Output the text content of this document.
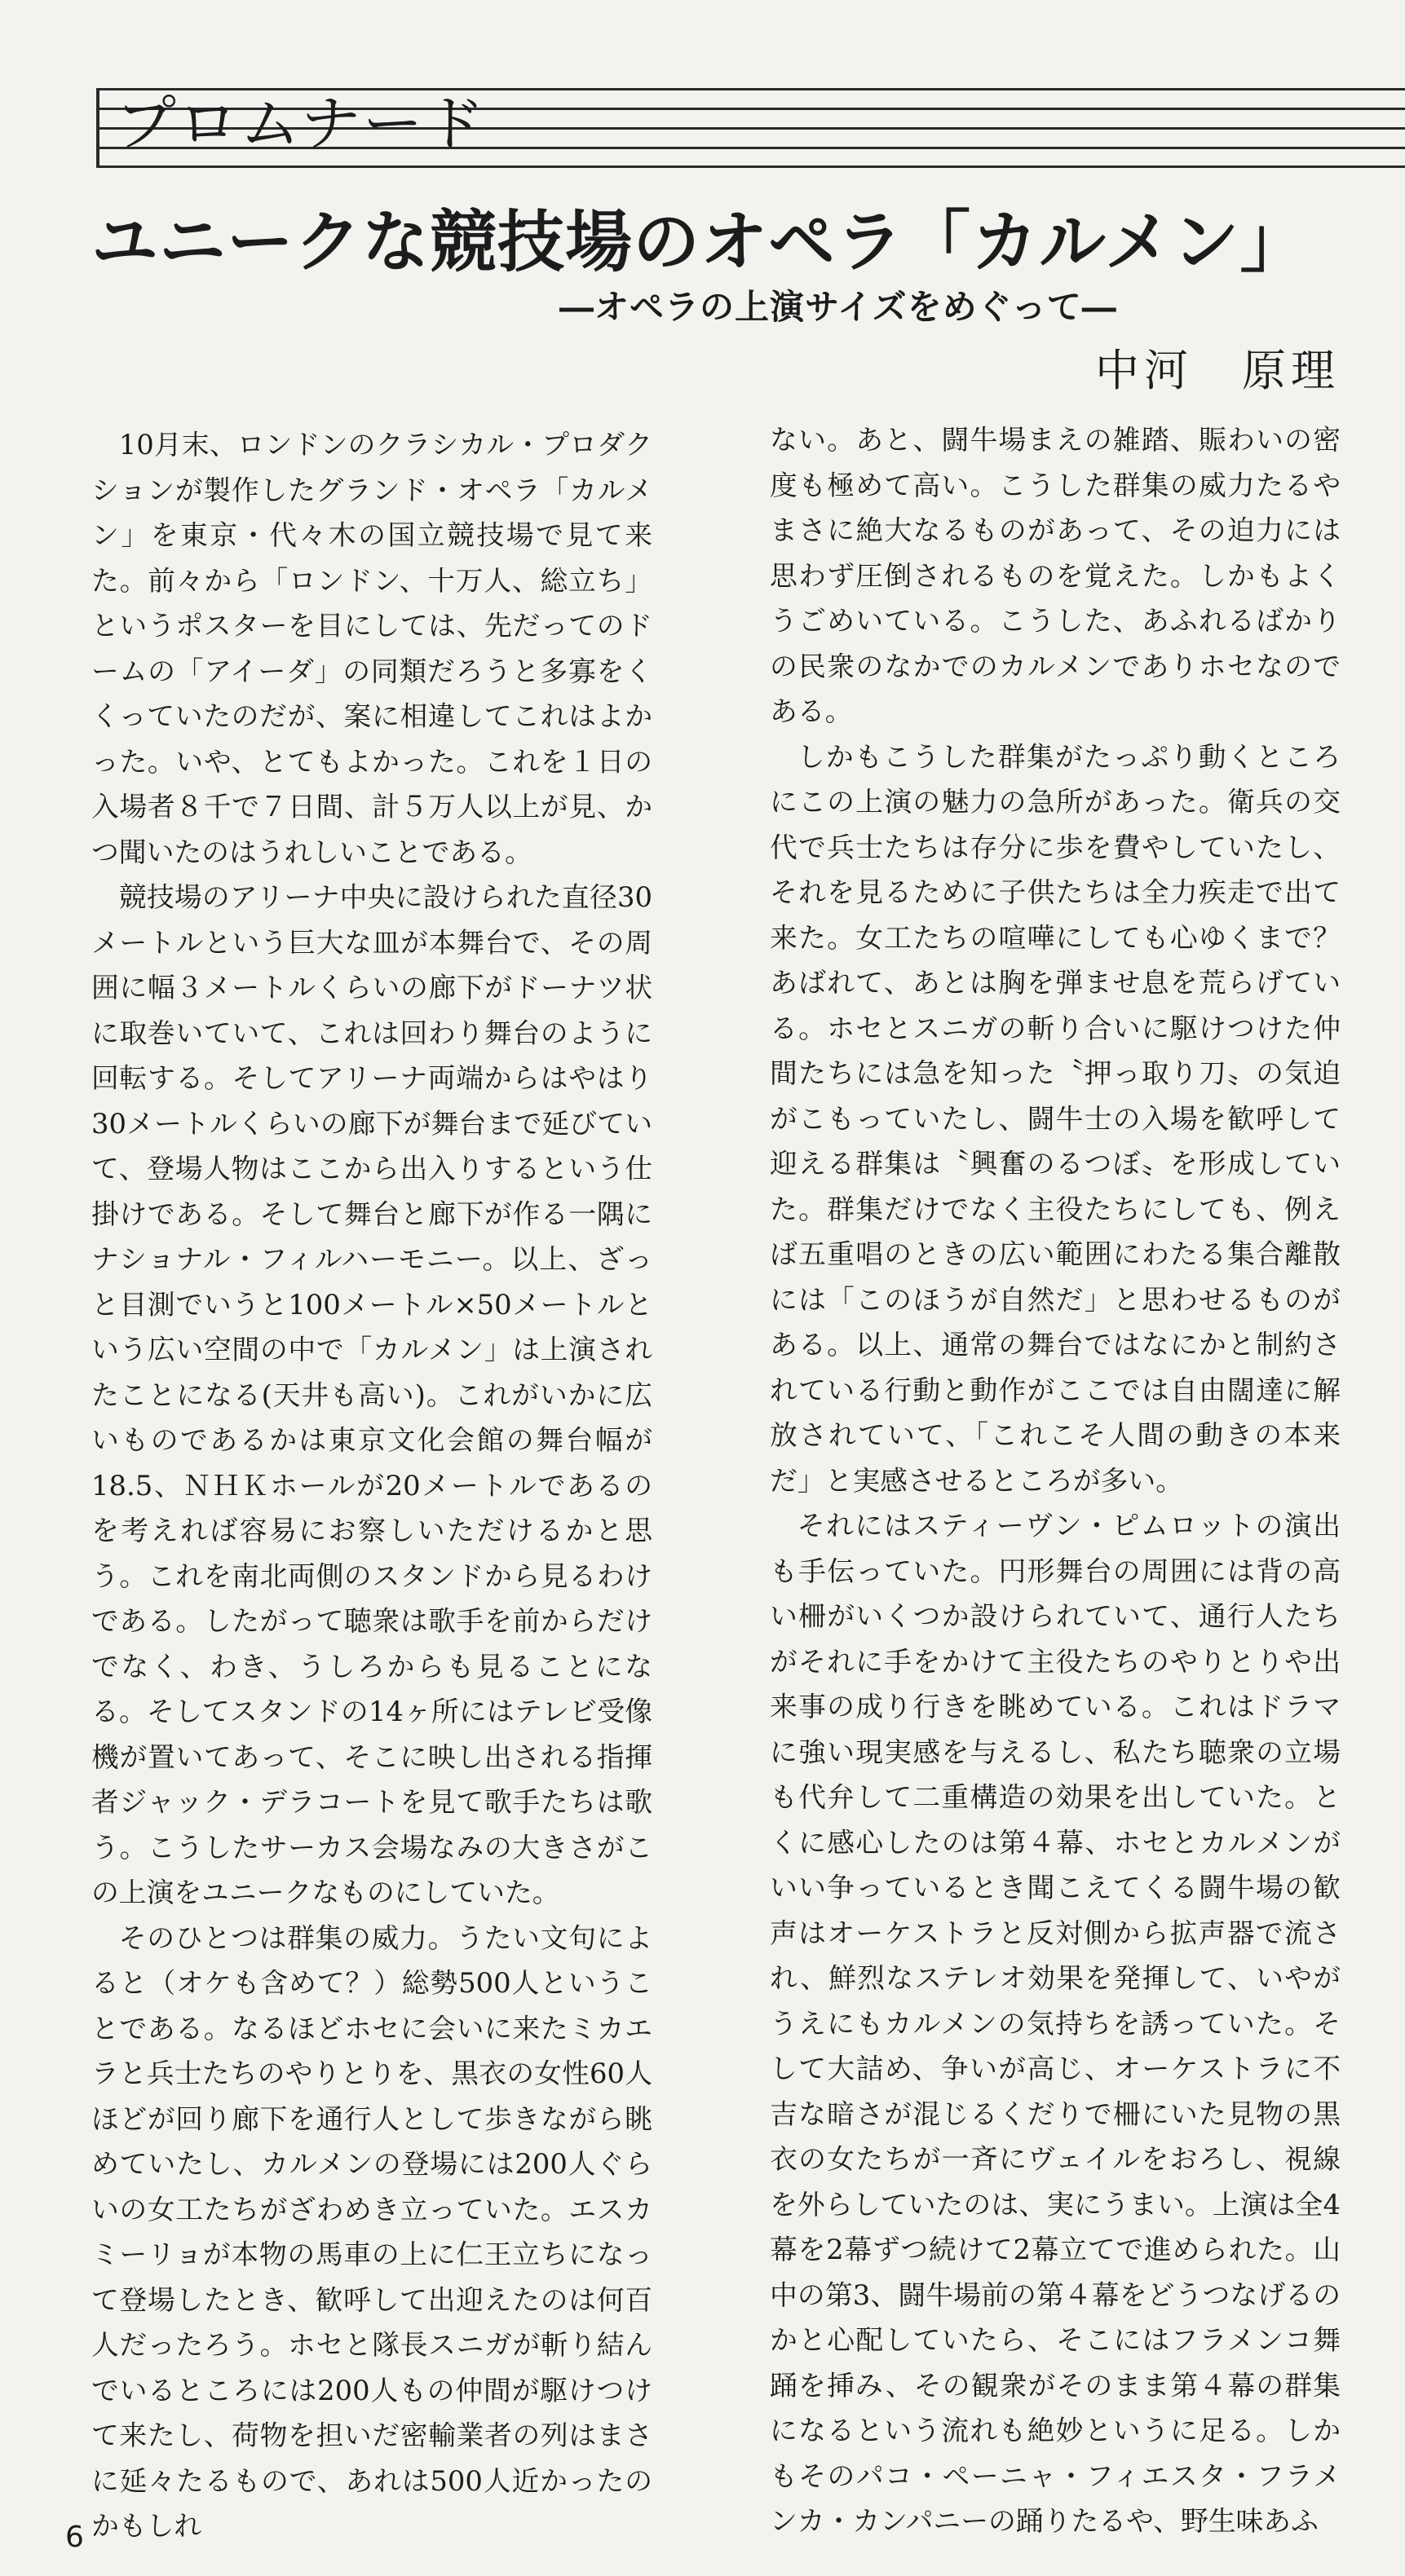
プロムナード
ユニークな競技場のオペラ「カルメン」
―オペラの上演サイズをめぐって―
中河　原理

10月末、ロンドンのクラシカル・プロダクションが製作したグランド・オペラ「カルメン」を東京・代々木の国立競技場で見て来た。前々から「ロンドン、十万人、総立ち」というポスターを目にしては、先だってのドームの「アイーダ」の同類だろうと多寡をくくっていたのだが、案に相違してこれはよかった。いや、とてもよかった。これを１日の入場者８千で７日間、計５万人以上が見、かつ聞いたのはうれしいことである。

競技場のアリーナ中央に設けられた直径30メートルという巨大な皿が本舞台で、その周囲に幅３メートルくらいの廊下がドーナツ状に取巻いていて、これは回わり舞台のように回転する。そしてアリーナ両端からはやはり30メートルくらいの廊下が舞台まで延びていて、登場人物はここから出入りするという仕掛けである。そして舞台と廊下が作る一隅にナショナル・フィルハーモニー。以上、ざっと目測でいうと100メートル×50メートルという広い空間の中で「カルメン」は上演されたことになる(天井も高い)。これがいかに広いものであるかは東京文化会館の舞台幅が18.5、ＮＨＫホールが20メートルであるのを考えれば容易にお察しいただけるかと思う。これを南北両側のスタンドから見るわけである。したがって聴衆は歌手を前からだけでなく、わき、うしろからも見ることになる。そしてスタンドの14ヶ所にはテレビ受像機が置いてあって、そこに映し出される指揮者ジャック・デラコートを見て歌手たちは歌う。こうしたサーカス会場なみの大きさがこの上演をユニークなものにしていた。

そのひとつは群集の威力。うたい文句によると（オケも含めて？）総勢500人ということである。なるほどホセに会いに来たミカエラと兵士たちのやりとりを、黒衣の女性60人ほどが回り廊下を通行人として歩きながら眺めていたし、カルメンの登場には200人ぐらいの女工たちがざわめき立っていた。エスカミーリョが本物の馬車の上に仁王立ちになって登場したとき、歓呼して出迎えたのは何百人だったろう。ホセと隊長スニガが斬り結んでいるところには200人もの仲間が駆けつけて来たし、荷物を担いだ密輸業者の列はまさに延々たるもので、あれは500人近かったのかもしれ

ない。あと、闘牛場まえの雑踏、賑わいの密度も極めて高い。こうした群集の威力たるやまさに絶大なるものがあって、その迫力には思わず圧倒されるものを覚えた。しかもよくうごめいている。こうした、あふれるばかりの民衆のなかでのカルメンでありホセなのである。

しかもこうした群集がたっぷり動くところにこの上演の魅力の急所があった。衛兵の交代で兵士たちは存分に歩を費やしていたし、それを見るために子供たちは全力疾走で出て来た。女工たちの喧嘩にしても心ゆくまで？あばれて、あとは胸を弾ませ息を荒らげている。ホセとスニガの斬り合いに駆けつけた仲間たちには急を知った〝押っ取り刀〟の気迫がこもっていたし、闘牛士の入場を歓呼して迎える群集は〝興奮のるつぼ〟を形成していた。群集だけでなく主役たちにしても、例えば五重唱のときの広い範囲にわたる集合離散には「このほうが自然だ」と思わせるものがある。以上、通常の舞台ではなにかと制約されている行動と動作がここでは自由闊達に解放されていて、「これこそ人間の動きの本来だ」と実感させるところが多い。

それにはスティーヴン・ピムロットの演出も手伝っていた。円形舞台の周囲には背の高い柵がいくつか設けられていて、通行人たちがそれに手をかけて主役たちのやりとりや出来事の成り行きを眺めている。これはドラマに強い現実感を与えるし、私たち聴衆の立場も代弁して二重構造の効果を出していた。とくに感心したのは第４幕、ホセとカルメンがいい争っているとき聞こえてくる闘牛場の歓声はオーケストラと反対側から拡声器で流され、鮮烈なステレオ効果を発揮して、いやがうえにもカルメンの気持ちを誘っていた。そして大詰め、争いが高じ、オーケストラに不吉な暗さが混じるくだりで柵にいた見物の黒衣の女たちが一斉にヴェイルをおろし、視線を外らしていたのは、実にうまい。上演は全4幕を2幕ずつ続けて2幕立てで進められた。山中の第3、闘牛場前の第４幕をどうつなげるのかと心配していたら、そこにはフラメンコ舞踊を挿み、その観衆がそのまま第４幕の群集になるという流れも絶妙というに足る。しかもそのパコ・ペーニャ・フィエスタ・フラメンカ・カンパニーの踊りたるや、野生味あふ

6
